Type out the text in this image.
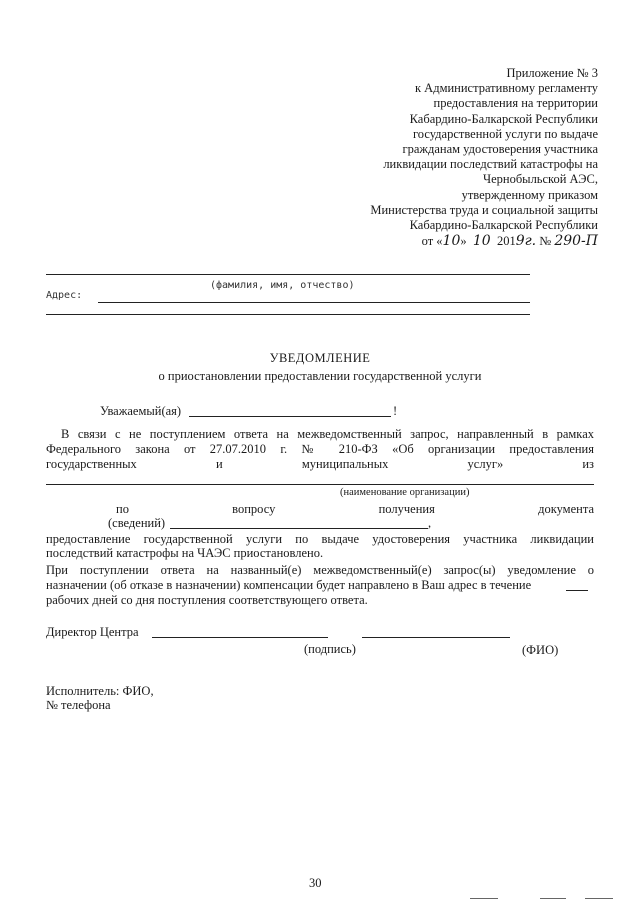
Приложение № 3
к Административному регламенту
предоставления на территории
Кабардино-Балкарской Республики
государственной услуги по выдаче
гражданам удостоверения участника
ликвидации последствий катастрофы на
Чернобыльской АЭС,
утвержденному приказом
Министерства труда и социальной защиты
Кабардино-Балкарской Республики
от «10» 10 2019г. № 290-П
(фамилия, имя, отчество)
Адрес:
УВЕДОМЛЕНИЕ
о приостановлении предоставлении государственной услуги
Уважаемый(ая)	!
В связи с не поступлением ответа на межведомственный запрос, направленный в рамках
Федерального закона от 27.07.2010 г. № 210-ФЗ «Об организации предоставления
государственных и муниципальных услуг» из
(наименование организации)
по вопросу получения документа
(сведений)	,
предоставление государственной услуги по выдаче удостоверения участника ликвидации
последствий катастрофы на ЧАЭС приостановлено.
При поступлении ответа на названный(е) межведомственный(е) запрос(ы) уведомление о
назначении (об отказе в назначении) компенсации будет направлено в Ваш адрес в течение
рабочих дней со дня поступления соответствующего ответа.
Директор Центра
(подпись)	(ФИО)
Исполнитель: ФИО,
№ телефона
30
